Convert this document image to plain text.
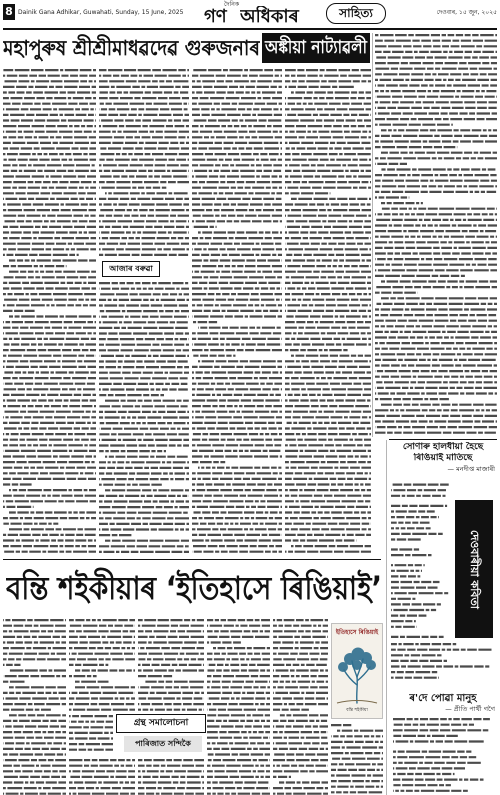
8 Dainik Gana Adhikar, Guwahati, Sunday, 15 June, 2025
দৈনিক
গণ অধিকাৰ	সাহিত্য	দেওবাৰ, ১৫ জুন, ২০২৫
মহাপুৰুষ শ্ৰীশ্ৰীমাধৱদেৱ গুৰুজনাৰ অঙ্কীয়া নাট্যাৱলী
আজাৰ বৰুৱা
বন্তি শইকীয়াৰ ‘ইতিহাসে ৰিঙিয়াই’
গ্ৰন্থ সমালোচনা
পাৰিজাত সন্দিকৈ
ইতিহাসে ৰিঙিয়াই
বন্তি শইকীয়া
সোণাৰু হালধীয়া হৈছে
ৰিঙিয়াই মাতিছে
— মনদীপ্ত মাজাৰী
দেওবাৰীয়া কবিতা
ৰ'দে পোৱা মানুহ
— প্ৰীতি পাৰ্থী গগৈ
